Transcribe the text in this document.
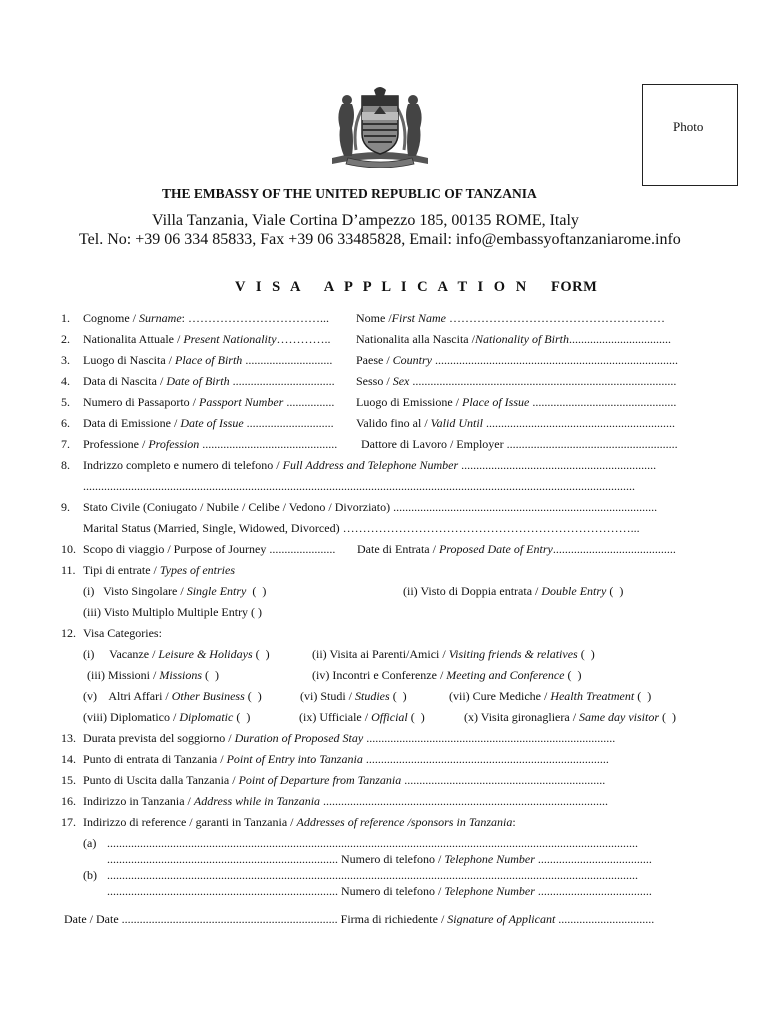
Photo
THE EMBASSY OF THE UNITED REPUBLIC OF TANZANIA
Villa Tanzania, Viale Cortina D’ampezzo 185, 00135 ROME, Italy
Tel. No: +39 06 334 85833, Fax +39 06 33485828, Email: info@embassyoftanzaniarome.info
V I S A   A P P L I C A T I O N FORM
1. Cognome / Surname: ……………………………... Nome /First Name ………………………………………………
2. Nationalita Attuale / Present Nationality………….. Nationalita alla Nascita /Nationality of Birth..................................
3. Luogo di Nascita / Place of Birth ............................. Paese / Country .................................................................................
4. Data di Nascita / Date of Birth .................................. Sesso / Sex ........................................................................................
5. Numero di Passaporto / Passport Number ................ Luogo di Emissione / Place of Issue ................................................
6. Data di Emissione / Date of Issue ............................. Valido fino al / Valid Until ...............................................................
7. Professione / Profession ............................................. Dattore di Lavoro / Employer .........................................................
8. Indrizzo completo e numero di telefono / Full Address and Telephone Number .................................................................
........................................................................................................................................................................................
9. Stato Civile (Coniugato / Nubile / Celibe / Vedono / Divorziato) ........................................................................................
Marital Status (Married, Single, Widowed, Divorced) ………………………………………………………………...
10. Scopo di viaggio / Purpose of Journey ...................... Date di Entrata / Proposed Date of Entry.........................................
11. Tipi di entrate / Types of entries
(i)   Visto Singolare / Single Entry  (  )	(ii) Visto di Doppia entrata / Double Entry (  )
(iii) Visto Multiplo Multiple Entry ( )
12. Visa Categories:
(i)     Vacanze / Leisure & Holidays (  )	(ii) Visita ai Parenti/Amici / Visiting friends & relatives (  )
(iii) Missioni / Missions (  )	(iv) Incontri e Conferenze / Meeting and Conference (  )
(v)    Altri Affari / Other Business (  )	(vi) Studi / Studies (  )	(vii) Cure Mediche / Health Treatment (  )
(viii) Diplomatico / Diplomatic (  )	(ix) Ufficiale / Official (  )	(x) Visita gironagliera / Same day visitor (  )
13. Durata prevista del soggiorno / Duration of Proposed Stay ...................................................................................
14. Punto di entrata di Tanzania / Point of Entry into Tanzania .................................................................................
15. Punto di Uscita dalla Tanzania / Point of Departure from Tanzania ...................................................................
16. Indirizzo in Tanzania / Address while in Tanzania ...............................................................................................
17. Indirizzo di reference / garanti in Tanzania / Addresses of reference /sponsors in Tanzania:
(a) .................................................................................................................................................................................
............................................................................. Numero di telefono / Telephone Number ......................................
(b) .................................................................................................................................................................................
............................................................................. Numero di telefono / Telephone Number ......................................
Date / Date ........................................................................ Firma di richiedente / Signature of Applicant ................................
